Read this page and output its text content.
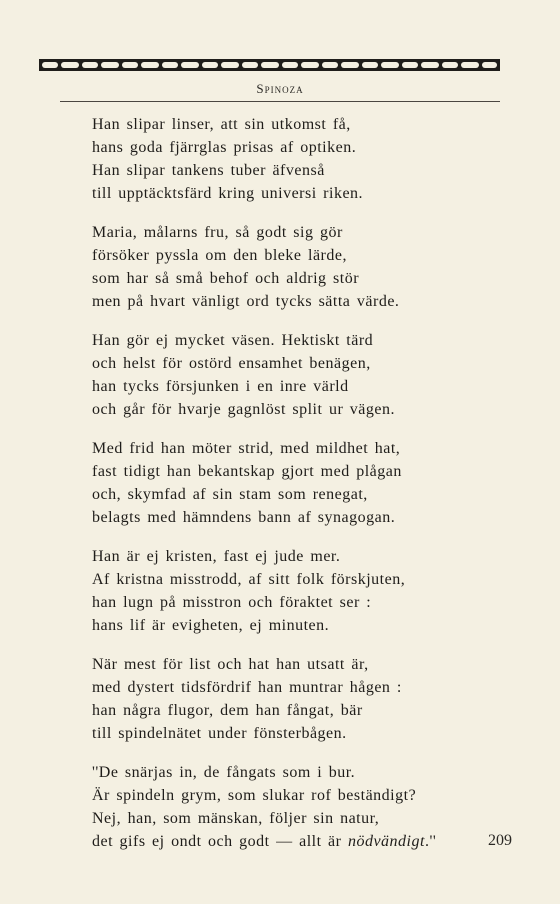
Spinoza
Han slipar linser, att sin utkomst få,
hans goda fjärrglas prisas af optiken.
Han slipar tankens tuber äfvenså
till upptäcktsfärd kring universi riken.
Maria, målarns fru, så godt sig gör
försöker pyssla om den bleke lärde,
som har så små behof och aldrig stör
men på hvart vänligt ord tycks sätta värde.
Han gör ej mycket väsen. Hektiskt tärd
och helst för ostörd ensamhet benägen,
han tycks försjunken i en inre värld
och går för hvarje gagnlöst split ur vägen.
Med frid han möter strid, med mildhet hat,
fast tidigt han bekantskap gjort med plågan
och, skymfad af sin stam som renegat,
belagts med hämndens bann af synagogan.
Han är ej kristen, fast ej jude mer.
Af kristna misstrodd, af sitt folk förskjuten,
han lugn på misstron och föraktet ser :
hans lif är evigheten, ej minuten.
När mest för list och hat han utsatt är,
med dystert tidsfördrif han muntrar hågen :
han några flugor, dem han fångat, bär
till spindelnätet under fönsterbågen.
''De snärjas in, de fångats som i bur.
Är spindeln grym, som slukar rof beständigt?
Nej, han, som mänskan, följer sin natur,
det gifs ej ondt och godt — allt är nödvändigt.''	209
